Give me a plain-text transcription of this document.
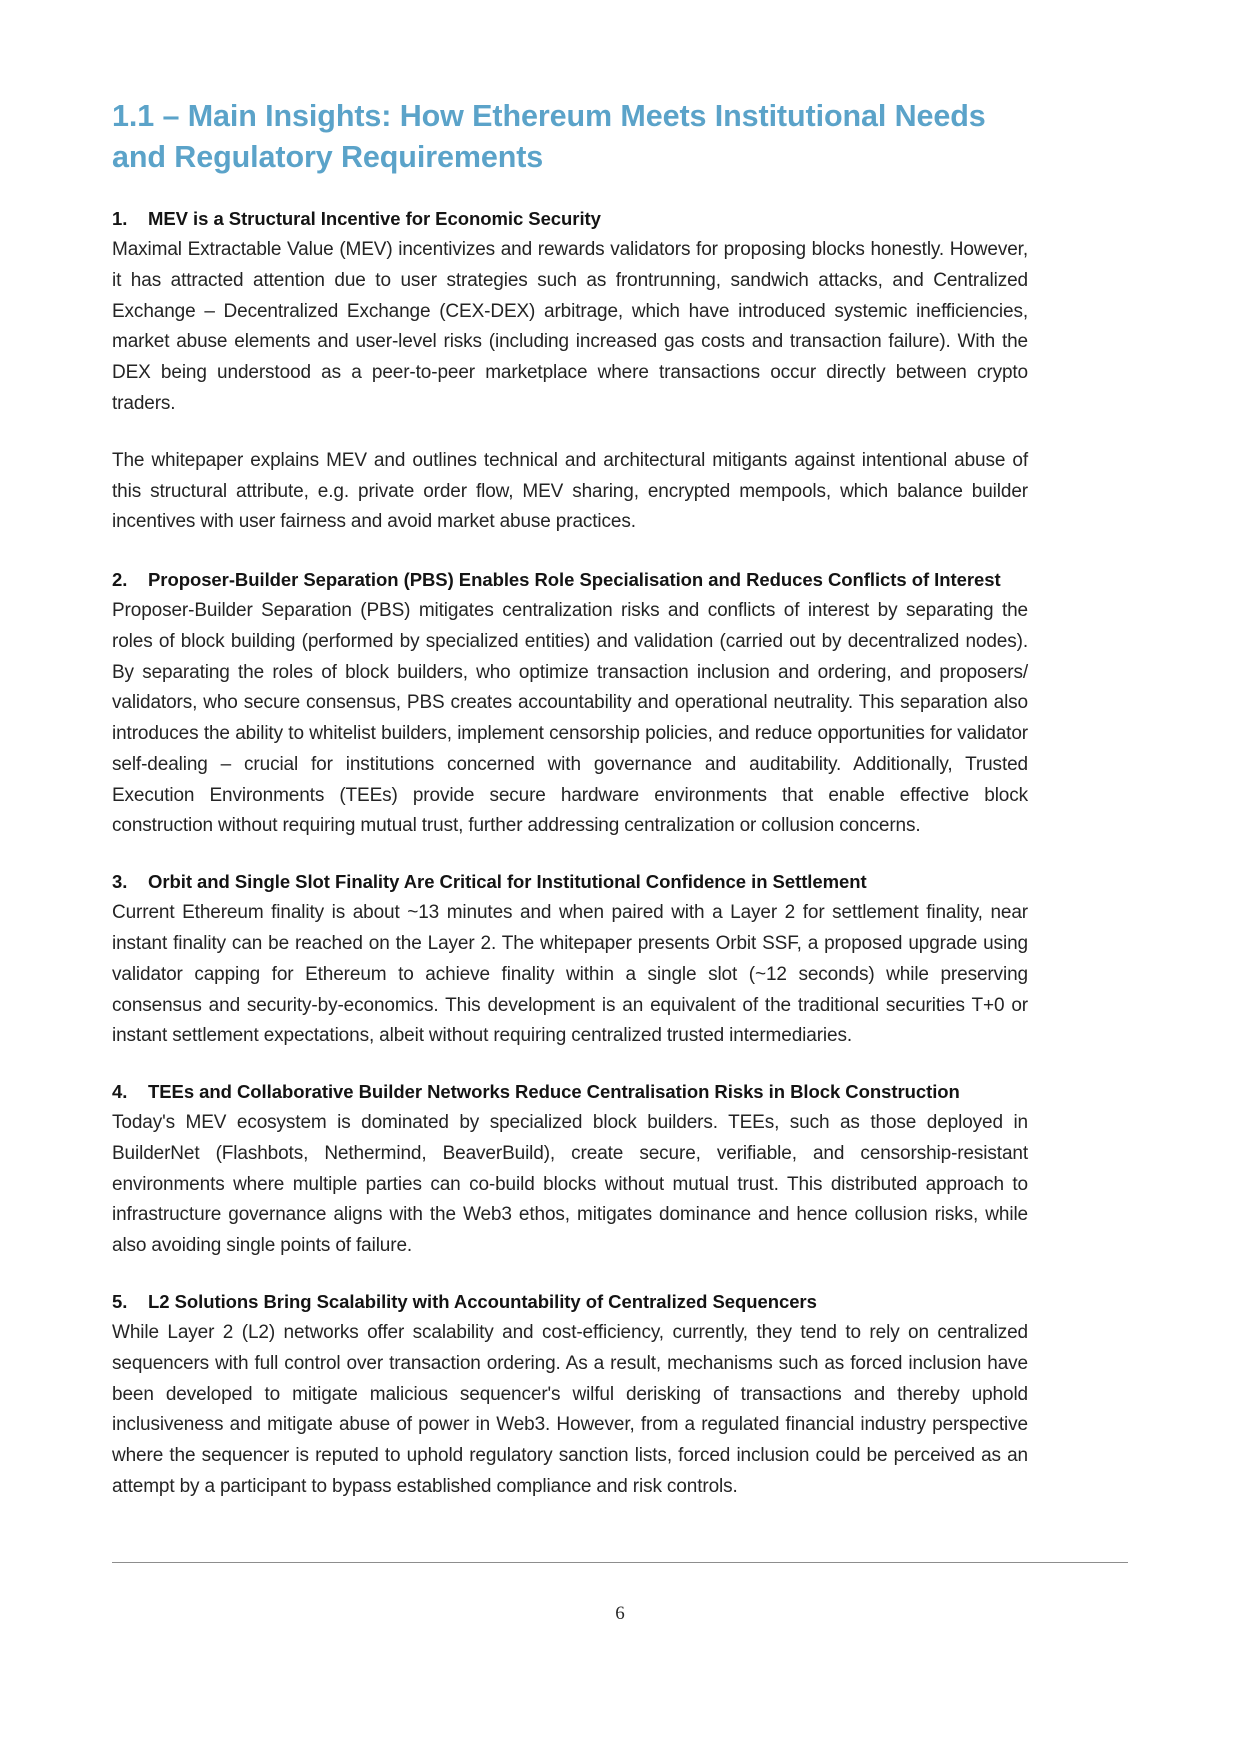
1.1 – Main Insights: How Ethereum Meets Institutional Needs and Regulatory Requirements
1.	MEV is a Structural Incentive for Economic Security

Maximal Extractable Value (MEV) incentivizes and rewards validators for proposing blocks honestly. However, it has attracted attention due to user strategies such as frontrunning, sandwich attacks, and Centralized Exchange – Decentralized Exchange (CEX-DEX) arbitrage, which have introduced systemic inefficiencies, market abuse elements and user-level risks (including increased gas costs and transaction failure). With the DEX being understood as a peer-to-peer marketplace where transactions occur directly between crypto traders.

The whitepaper explains MEV and outlines technical and architectural mitigants against intentional abuse of this structural attribute, e.g. private order flow, MEV sharing, encrypted mempools, which balance builder incentives with user fairness and avoid market abuse practices.

2.	Proposer-Builder Separation (PBS) Enables Role Specialisation and Reduces Conflicts of Interest

Proposer-Builder Separation (PBS) mitigates centralization risks and conflicts of interest by separating the roles of block building (performed by specialized entities) and validation (carried out by decentralized nodes). By separating the roles of block builders, who optimize transaction inclusion and ordering, and proposers/ validators, who secure consensus, PBS creates accountability and operational neutrality. This separation also introduces the ability to whitelist builders, implement censorship policies, and reduce opportunities for validator self-dealing – crucial for institutions concerned with governance and auditability. Additionally, Trusted Execution Environments (TEEs) provide secure hardware environments that enable effective block construction without requiring mutual trust, further addressing centralization or collusion concerns.

3.	Orbit and Single Slot Finality Are Critical for Institutional Confidence in Settlement

Current Ethereum finality is about ~13 minutes and when paired with a Layer 2 for settlement finality, near instant finality can be reached on the Layer 2. The whitepaper presents Orbit SSF, a proposed upgrade using validator capping for Ethereum to achieve finality within a single slot (~12 seconds) while preserving consensus and security-by-economics. This development is an equivalent of the traditional securities T+0 or instant settlement expectations, albeit without requiring centralized trusted intermediaries.

4.	TEEs and Collaborative Builder Networks Reduce Centralisation Risks in Block Construction

Today's MEV ecosystem is dominated by specialized block builders. TEEs, such as those deployed in BuilderNet (Flashbots, Nethermind, BeaverBuild), create secure, verifiable, and censorship-resistant environments where multiple parties can co-build blocks without mutual trust. This distributed approach to infrastructure governance aligns with the Web3 ethos, mitigates dominance and hence collusion risks, while also avoiding single points of failure.

5.	L2 Solutions Bring Scalability with Accountability of Centralized Sequencers

While Layer 2 (L2) networks offer scalability and cost-efficiency, currently, they tend to rely on centralized sequencers with full control over transaction ordering. As a result, mechanisms such as forced inclusion have been developed to mitigate malicious sequencer's wilful derisking of transactions and thereby uphold inclusiveness and mitigate abuse of power in Web3. However, from a regulated financial industry perspective where the sequencer is reputed to uphold regulatory sanction lists, forced inclusion could be perceived as an attempt by a participant to bypass established compliance and risk controls.

6
